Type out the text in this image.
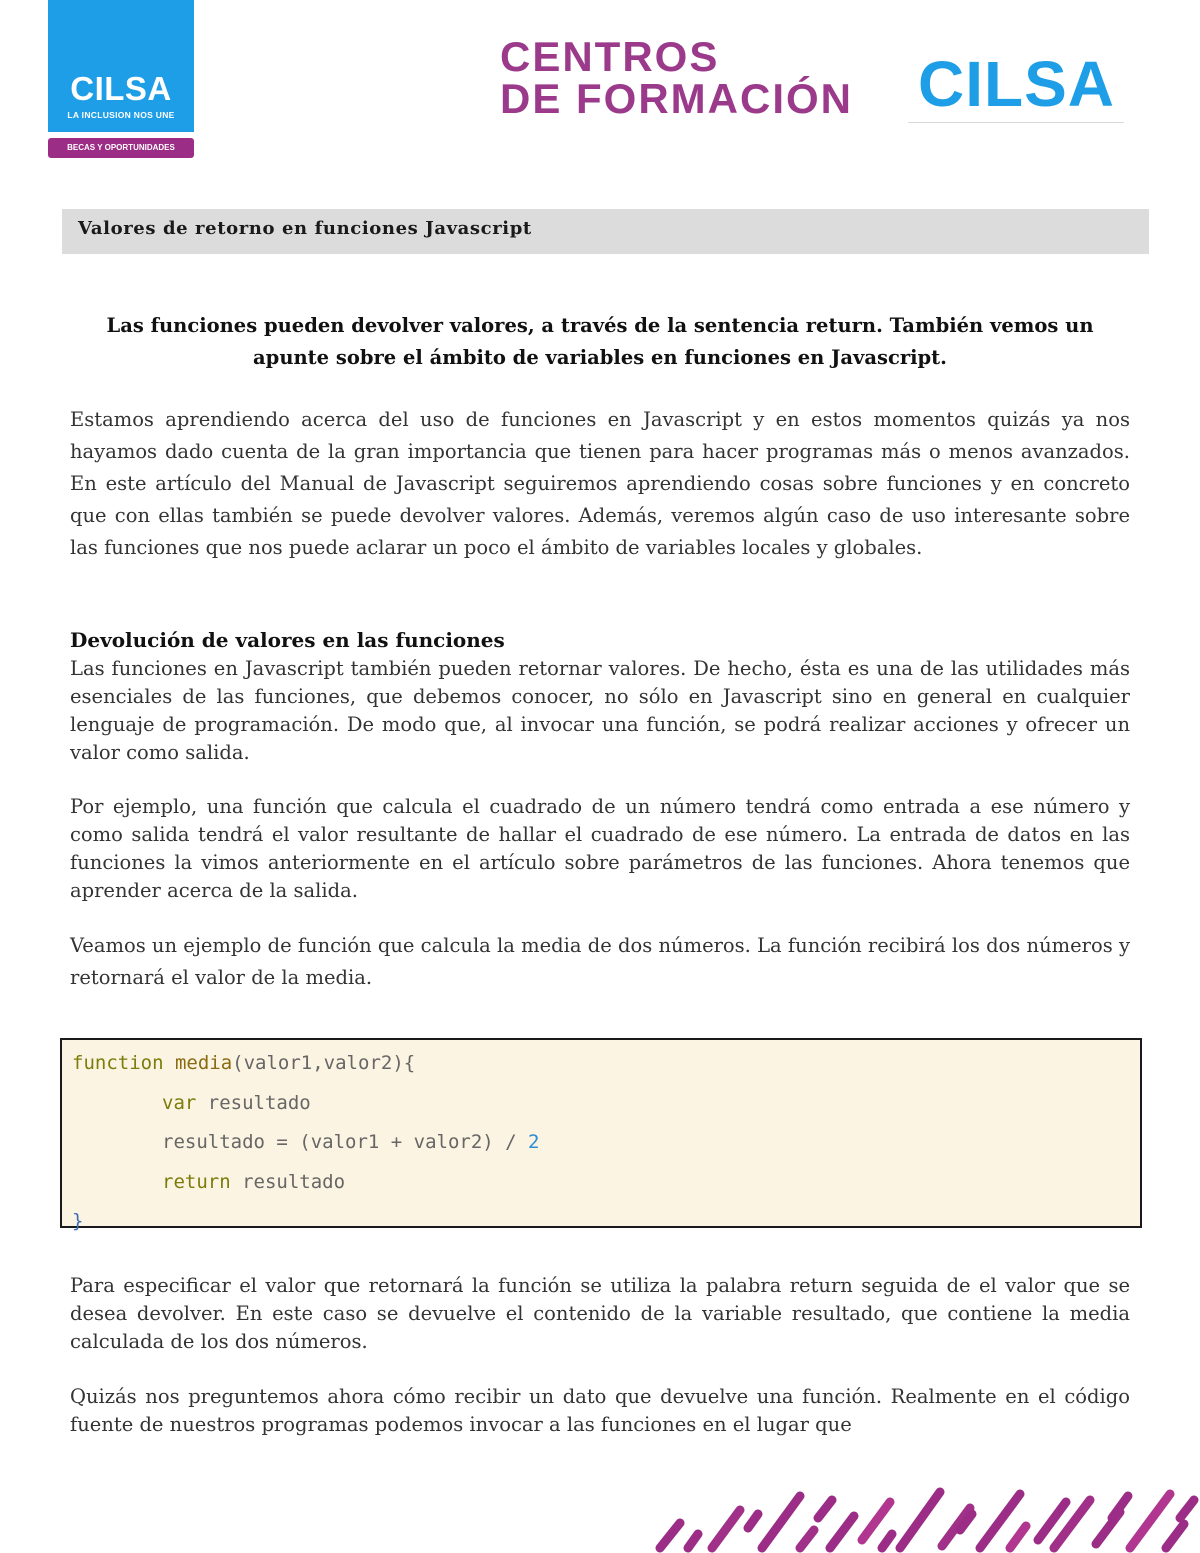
CILSA
LA INCLUSION NOS UNE
BECAS Y OPORTUNIDADES
CENTROS
DE FORMACIÓN CILSA
Valores de retorno en funciones Javascript
Las funciones pueden devolver valores, a través de la sentencia return. También vemos un apunte sobre el ámbito de variables en funciones en Javascript.
Estamos aprendiendo acerca del uso de funciones en Javascript y en estos momentos quizás ya nos hayamos dado cuenta de la gran importancia que tienen para hacer programas más o menos avanzados. En este artículo del Manual de Javascript seguiremos aprendiendo cosas sobre funciones y en concreto que con ellas también se puede devolver valores. Además, veremos algún caso de uso interesante sobre las funciones que nos puede aclarar un poco el ámbito de variables locales y globales.
Devolución de valores en las funciones
Las funciones en Javascript también pueden retornar valores. De hecho, ésta es una de las utilidades más esenciales de las funciones, que debemos conocer, no sólo en Javascript sino en general en cualquier lenguaje de programación. De modo que, al invocar una función, se podrá realizar acciones y ofrecer un valor como salida.
Por ejemplo, una función que calcula el cuadrado de un número tendrá como entrada a ese número y como salida tendrá el valor resultante de hallar el cuadrado de ese número. La entrada de datos en las funciones la vimos anteriormente en el artículo sobre parámetros de las funciones. Ahora tenemos que aprender acerca de la salida.
Veamos un ejemplo de función que calcula la media de dos números. La función recibirá los dos números y retornará el valor de la media.
function media(valor1,valor2){
var resultado
resultado = (valor1 + valor2) / 2
return resultado
}
Para especificar el valor que retornará la función se utiliza la palabra return seguida de el valor que se desea devolver. En este caso se devuelve el contenido de la variable resultado, que contiene la media calculada de los dos números.
Quizás nos preguntemos ahora cómo recibir un dato que devuelve una función. Realmente en el código fuente de nuestros programas podemos invocar a las funciones en el lugar que
